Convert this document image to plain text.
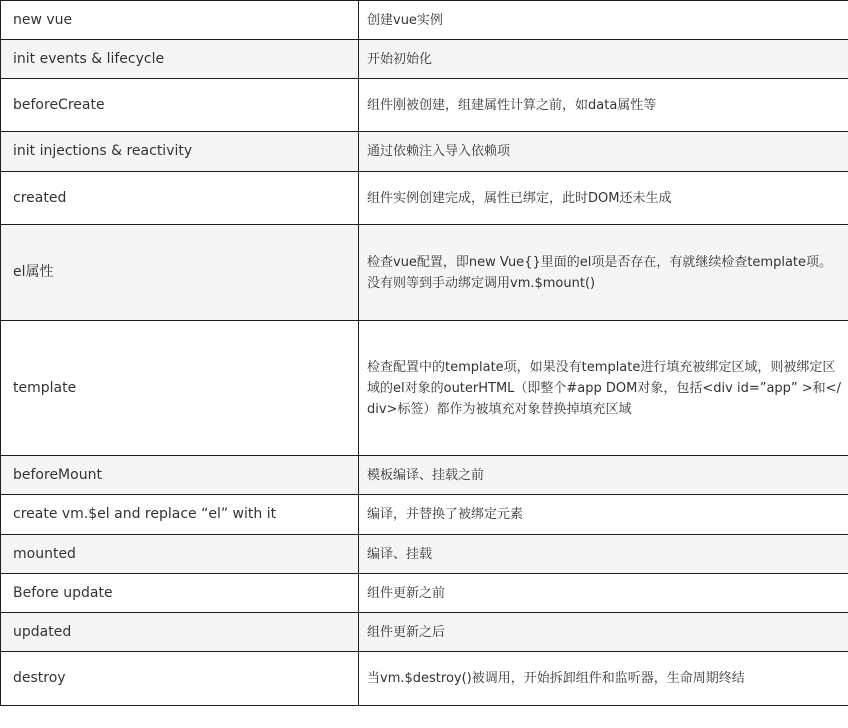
new vue	创建vue实例
init events & lifecycle	开始初始化
beforeCreate	组件刚被创建，组建属性计算之前，如data属性等
init injections & reactivity	通过依赖注入导入依赖项
created	组件实例创建完成，属性已绑定，此时DOM还未生成
el属性	检查vue配置，即new Vue{}里面的el项是否存在，有就继续检查template项。没有则等到手动绑定调用vm.$mount()
template	检查配置中的template项，如果没有template进行填充被绑定区域，则被绑定区域的el对象的outerHTML（即整个#app DOM对象，包括<div id=”app” >和</div>标签）都作为被填充对象替换掉填充区域
beforeMount	模板编译、挂载之前
create vm.$el and replace “el” with it	编译，并替换了被绑定元素
mounted	编译、挂载
Before update	组件更新之前
updated	组件更新之后
destroy	当vm.$destroy()被调用，开始拆卸组件和监听器，生命周期终结
